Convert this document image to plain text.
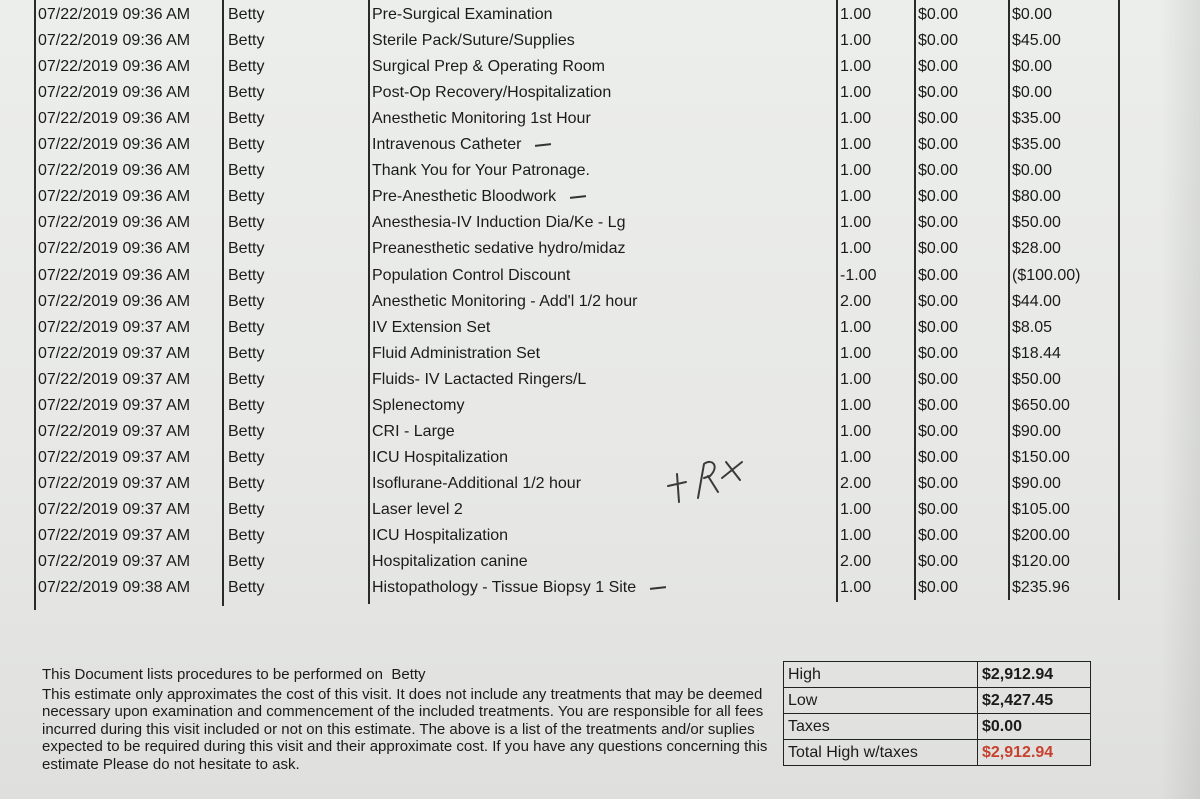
07/22/2019 09:36 AM Betty	Pre-Surgical Examination	1.00	$0.00	$0.00
07/22/2019 09:36 AM Betty	Sterile Pack/Suture/Supplies	1.00	$0.00	$45.00
07/22/2019 09:36 AM Betty	Surgical Prep & Operating Room	1.00	$0.00	$0.00
07/22/2019 09:36 AM Betty	Post-Op Recovery/Hospitalization	1.00	$0.00	$0.00
07/22/2019 09:36 AM Betty	Anesthetic Monitoring 1st Hour	1.00	$0.00	$35.00
07/22/2019 09:36 AM Betty	Intravenous Catheter	1.00	$0.00	$35.00
07/22/2019 09:36 AM Betty	Thank You for Your Patronage.	1.00	$0.00	$0.00
07/22/2019 09:36 AM Betty	Pre-Anesthetic Bloodwork	1.00	$0.00	$80.00
07/22/2019 09:36 AM Betty	Anesthesia-IV Induction Dia/Ke - Lg	1.00	$0.00	$50.00
07/22/2019 09:36 AM Betty	Preanesthetic sedative hydro/midaz	1.00	$0.00	$28.00
07/22/2019 09:36 AM Betty	Population Control Discount	-1.00	$0.00	($100.00)
07/22/2019 09:36 AM Betty	Anesthetic Monitoring - Add'l 1/2 hour	2.00	$0.00	$44.00
07/22/2019 09:37 AM Betty	IV Extension Set	1.00	$0.00	$8.05
07/22/2019 09:37 AM Betty	Fluid Administration Set	1.00	$0.00	$18.44
07/22/2019 09:37 AM Betty	Fluids- IV Lactacted Ringers/L	1.00	$0.00	$50.00
07/22/2019 09:37 AM Betty	Splenectomy	1.00	$0.00	$650.00
07/22/2019 09:37 AM Betty	CRI - Large	1.00	$0.00	$90.00
07/22/2019 09:37 AM Betty	ICU Hospitalization	1.00	$0.00	$150.00
07/22/2019 09:37 AM Betty	Isoflurane-Additional 1/2 hour	2.00	$0.00	$90.00
07/22/2019 09:37 AM Betty	Laser level 2	1.00	$0.00	$105.00
07/22/2019 09:37 AM Betty	ICU Hospitalization	1.00	$0.00	$200.00
07/22/2019 09:37 AM Betty	Hospitalization canine	2.00	$0.00	$120.00
07/22/2019 09:38 AM Betty	Histopathology - Tissue Biopsy 1 Site	1.00	$0.00	$235.96
+ Rx
This Document lists procedures to be performed on Betty
This estimate only approximates the cost of this visit. It does not include any treatments that may be deemed necessary upon examination and commencement of the included treatments. You are responsible for all fees incurred during this visit included or not on this estimate. The above is a list of the treatments and/or suplies expected to be required during this visit and their approximate cost. If you have any questions concerning this estimate Please do not hesitate to ask.
High	$2,912.94
Low	$2,427.45
Taxes	$0.00
Total High w/taxes	$2,912.94
